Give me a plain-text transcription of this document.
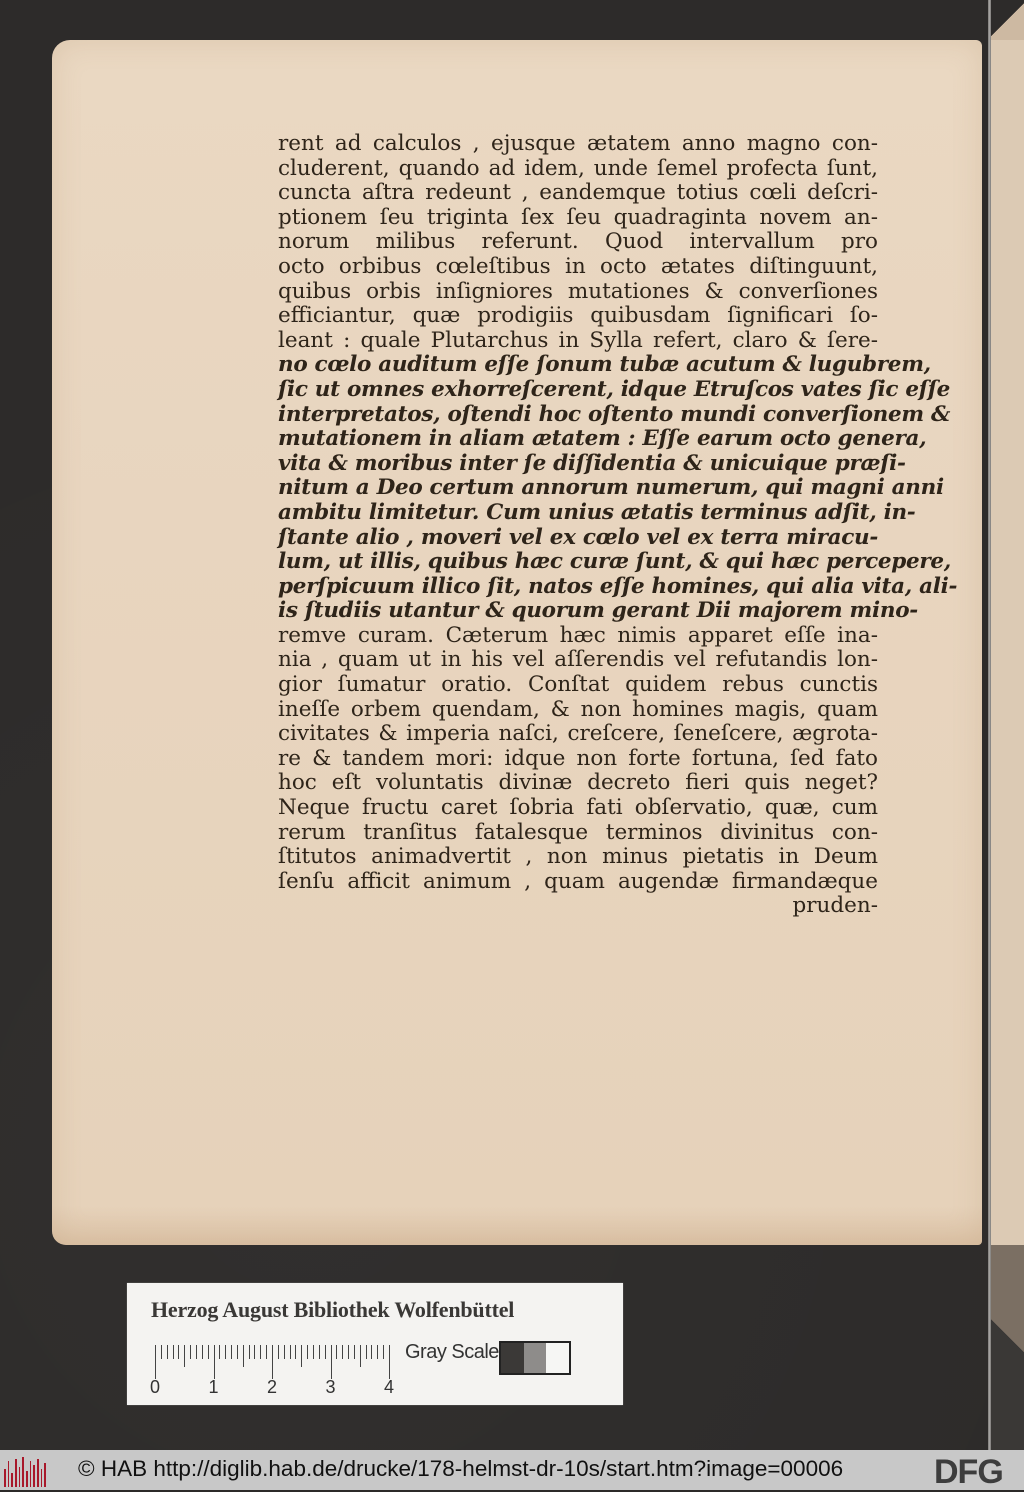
rent ad calculos , ejusque ætatem anno magno con-
cluderent, quando ad idem, unde ſemel profecta ſunt,
cuncta aſtra redeunt , eandemque totius cœli deſcri-
ptionem ſeu triginta ſex ſeu quadraginta novem an-
norum milibus referunt. Quod intervallum pro
octo orbibus cœleſtibus in octo ætates diſtinguunt,
quibus orbis inſigniores mutationes & converſiones
efficiantur, quæ prodigiis quibusdam ſignificari ſo-
leant : quale Plutarchus in Sylla refert, claro & ſere-
no cœlo auditum eſſe ſonum tubæ acutum & lugubrem,
ſic ut omnes exhorreſcerent, idque Etruſcos vates ſic eſſe
interpretatos, oſtendi hoc oſtento mundi converſionem &
mutationem in aliam ætatem : Eſſe earum octo genera,
vita & moribus inter ſe diſſidentia & unicuique præſi-
nitum a Deo certum annorum numerum, qui magni anni
ambitu limitetur. Cum unius ætatis terminus adſit, in-
ſtante alio , moveri vel ex cœlo vel ex terra miracu-
lum, ut illis, quibus hæc curæ ſunt, & qui hæc percepere,
perſpicuum illico ſit, natos eſſe homines, qui alia vita, ali-
is ſtudiis utantur & quorum gerant Dii majorem mino-
remve curam. Cæterum hæc nimis apparet eſſe ina-
nia , quam ut in his vel aſſerendis vel refutandis lon-
gior ſumatur oratio. Conſtat quidem rebus cunctis
ineſſe orbem quendam, & non homines magis, quam
civitates & imperia naſci, creſcere, ſeneſcere, ægrota-
re & tandem mori: idque non forte fortuna, ſed fato
hoc eſt voluntatis divinæ decreto fieri quis neget?
Neque fructu caret ſobria fati obſervatio, quæ, cum
rerum tranſitus fatalesque terminos divinitus con-
ſtitutos animadvertit , non minus pietatis in Deum
ſenſu afficit animum , quam augendæ firmandæque
pruden-
Herzog August Bibliothek Wolfenbüttel
0	1	2	3	4
Gray Scale
© HAB http://diglib.hab.de/drucke/178-helmst-dr-10s/start.htm?image=00006	DFG
